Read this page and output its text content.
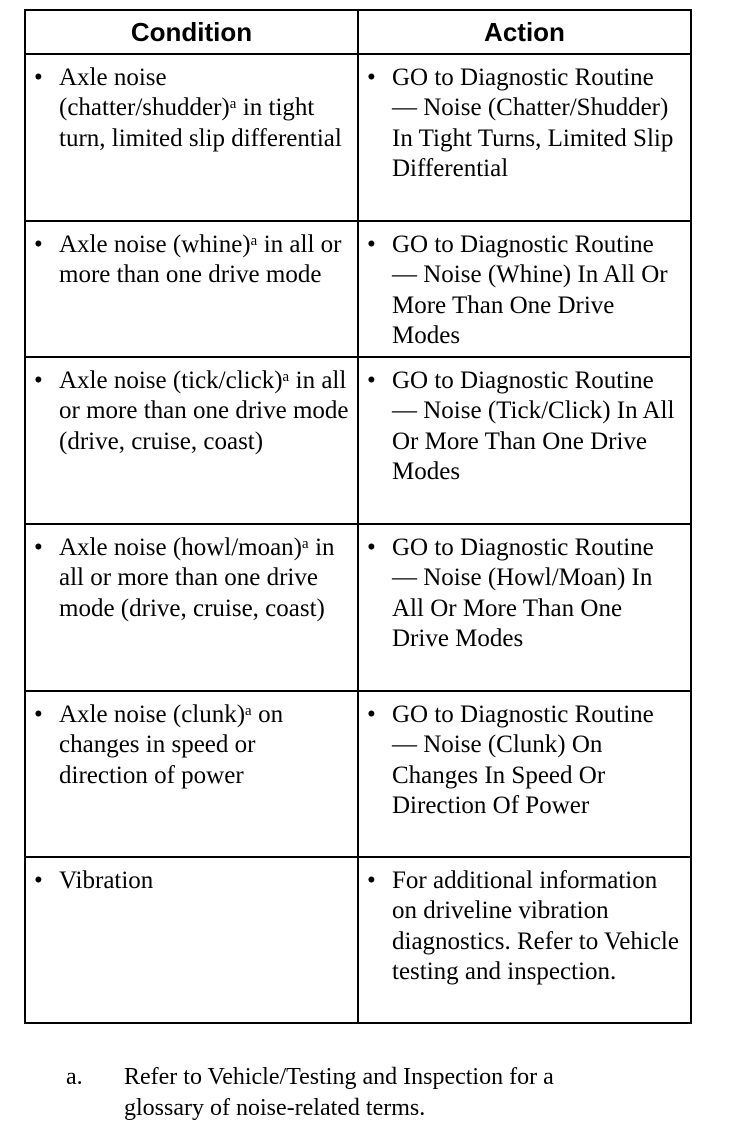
Condition	Action

• Axle noise (chatter/shudder)ᵃ in tight turn, limited slip differential	• GO to Diagnostic Routine — Noise (Chatter/Shudder) In Tight Turns, Limited Slip Differential

• Axle noise (whine)ᵃ in all or more than one drive mode	• GO to Diagnostic Routine — Noise (Whine) In All Or More Than One Drive Modes

• Axle noise (tick/click)ᵃ in all or more than one drive mode (drive, cruise, coast)	• GO to Diagnostic Routine — Noise (Tick/Click) In All Or More Than One Drive Modes

• Axle noise (howl/moan)ᵃ in all or more than one drive mode (drive, cruise, coast)	• GO to Diagnostic Routine — Noise (Howl/Moan) In All Or More Than One Drive Modes

• Axle noise (clunk)ᵃ on changes in speed or direction of power	• GO to Diagnostic Routine — Noise (Clunk) On Changes In Speed Or Direction Of Power

• Vibration	• For additional information on driveline vibration diagnostics. Refer to Vehicle testing and inspection.
a. Refer to Vehicle/Testing and Inspection for a glossary of noise-related terms.
